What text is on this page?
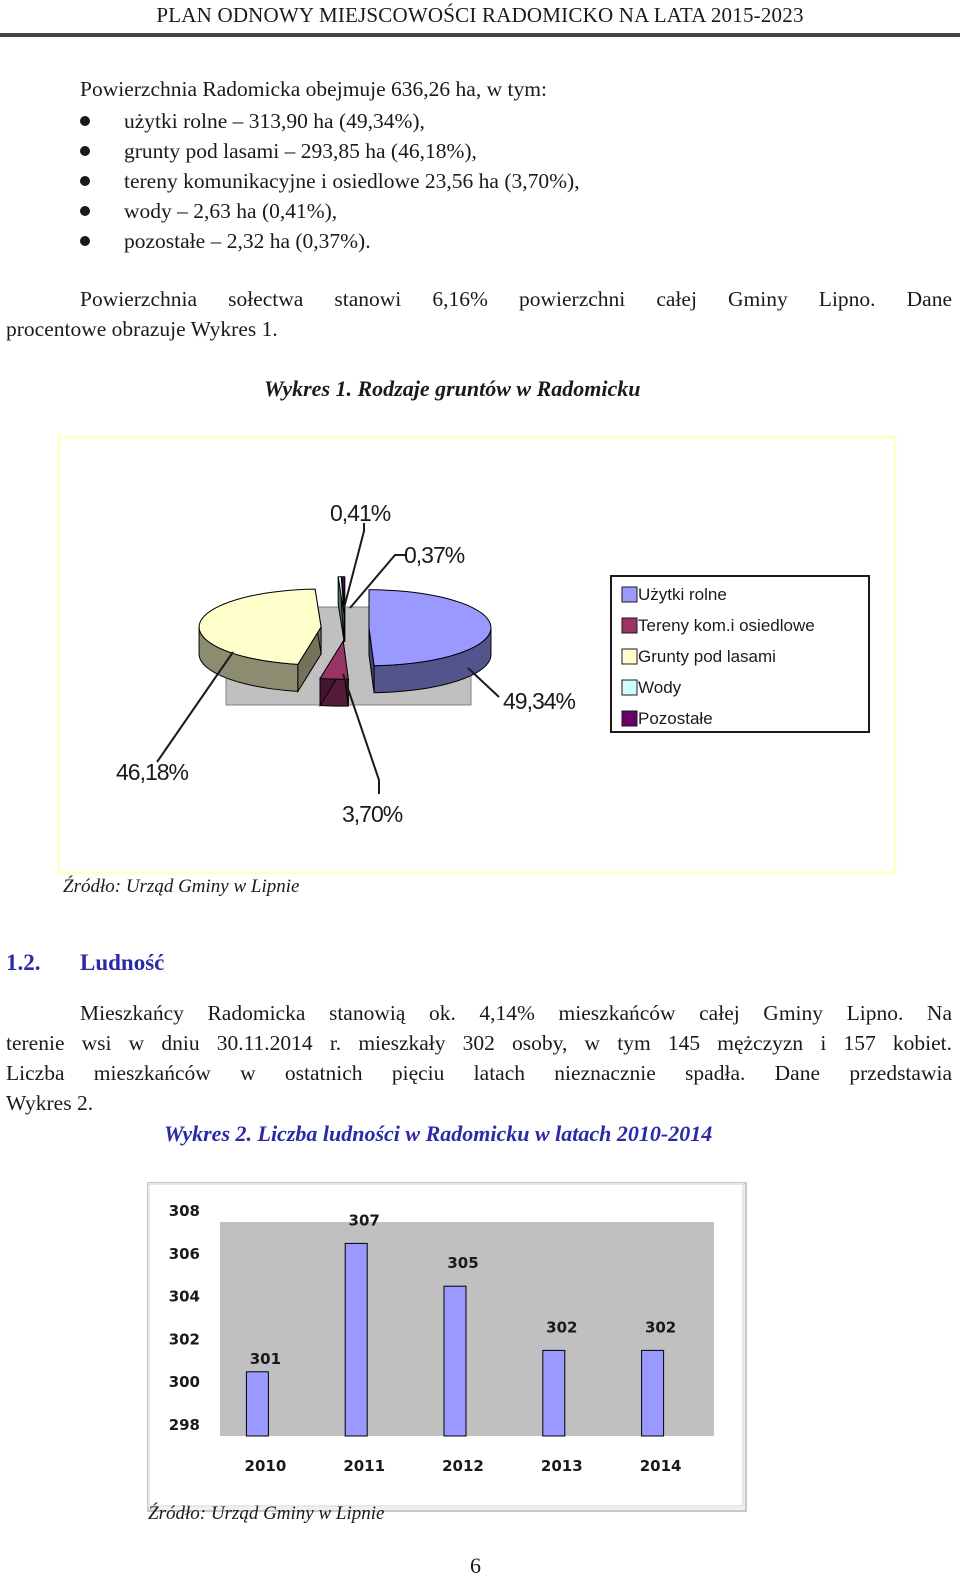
PLAN ODNOWY MIEJSCOWOŚCI RADOMICKO NA LATA 2015-2023
Powierzchnia Radomicka obejmuje 636,26 ha, w tym:
użytki rolne – 313,90 ha (49,34%),
grunty pod lasami – 293,85 ha (46,18%),
tereny komunikacyjne i osiedlowe 23,56 ha (3,70%),
wody – 2,63 ha (0,41%),
pozostałe – 2,32 ha (0,37%).
Powierzchnia sołectwa stanowi 6,16% powierzchni całej Gminy Lipno. Dane
procentowe obrazuje Wykres 1.
Wykres 1. Rodzaje gruntów w Radomicku
0,41%
0,37%
49,34%
46,18%
3,70%
Użytki rolne
Tereny kom.i osiedlowe
Grunty pod lasami
Wody
Pozostałe
Źródło: Urząd Gminy w Lipnie
1.2. Ludność
Mieszkańcy Radomicka stanowią ok. 4,14% mieszkańców całej Gminy Lipno. Na
terenie wsi w dniu 30.11.2014 r. mieszkały 302 osoby, w tym 145 mężczyzn i 157 kobiet.
Liczba mieszkańców w ostatnich pięciu latach nieznacznie spadła. Dane przedstawia
Wykres 2.
Wykres 2. Liczba ludności w Radomicku w latach 2010-2014
308
306
304
302
300
298
301
307
305
302	302
2010	2011	2012	2013	2014
Źródło: Urząd Gminy w Lipnie
6
